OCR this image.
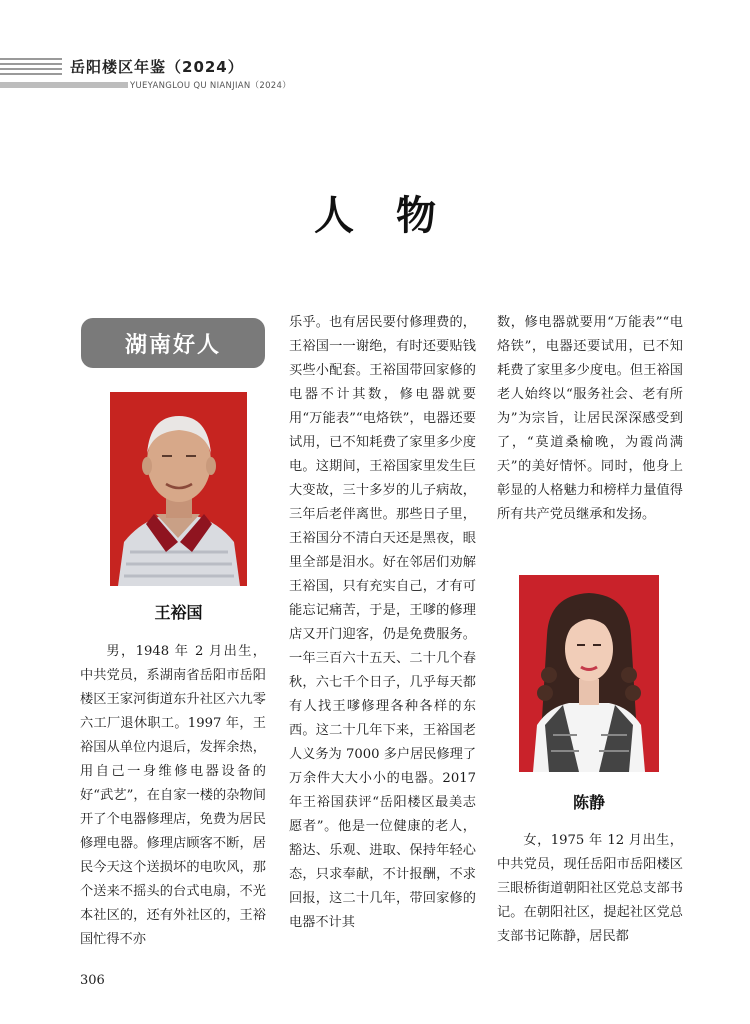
岳阳楼区年鉴（2024）
YUEYANGLOU QU NIANJIAN（2024）
人物
湖南好人
王裕国

男，1948 年 2 月出生，中共党员，系湖南省岳阳市岳阳楼区王家河街道东升社区六九零六工厂退休职工。1997 年，王裕国从单位内退后，发挥余热，用自己一身维修电器设备的好“武艺”，在自家一楼的杂物间开了个电器修理店，免费为居民修理电器。修理店顾客不断，居民今天这个送损坏的电吹风，那个送来不摇头的台式电扇，不光本社区的，还有外社区的，王裕国忙得不亦

乐乎。也有居民要付修理费的，王裕国一一谢绝，有时还要贴钱买些小配套。王裕国带回家修的电器不计其数，修电器就要用“万能表”“电烙铁”，电器还要试用，已不知耗费了家里多少度电。这期间，王裕国家里发生巨大变故，三十多岁的儿子病故，三年后老伴离世。那些日子里，王裕国分不清白天还是黑夜，眼里全部是泪水。好在邻居们劝解王裕国，只有充实自己，才有可能忘记痛苦，于是，王嗲的修理店又开门迎客，仍是免费服务。一年三百六十五天、二十几个春秋，六七千个日子，几乎每天都有人找王嗲修理各种各样的东西。这二十几年下来，王裕国老人义务为 7000 多户居民修理了万余件大大小小的电器。2017 年王裕国获评“岳阳楼区最美志愿者”。他是一位健康的老人，豁达、乐观、进取、保持年轻心态，只求奉献，不计报酬，不求回报，这二十几年，带回家修的电器不计其

数，修电器就要用“万能表”“电烙铁”，电器还要试用，已不知耗费了家里多少度电。但王裕国老人始终以“服务社会、老有所为”为宗旨，让居民深深感受到了，“莫道桑榆晚，为霞尚满天”的美好情怀。同时，他身上彰显的人格魅力和榜样力量值得所有共产党员继承和发扬。

陈静

女，1975 年 12 月出生，中共党员，现任岳阳市岳阳楼区三眼桥街道朝阳社区党总支部书记。在朝阳社区，提起社区党总支部书记陈静，居民都

306
